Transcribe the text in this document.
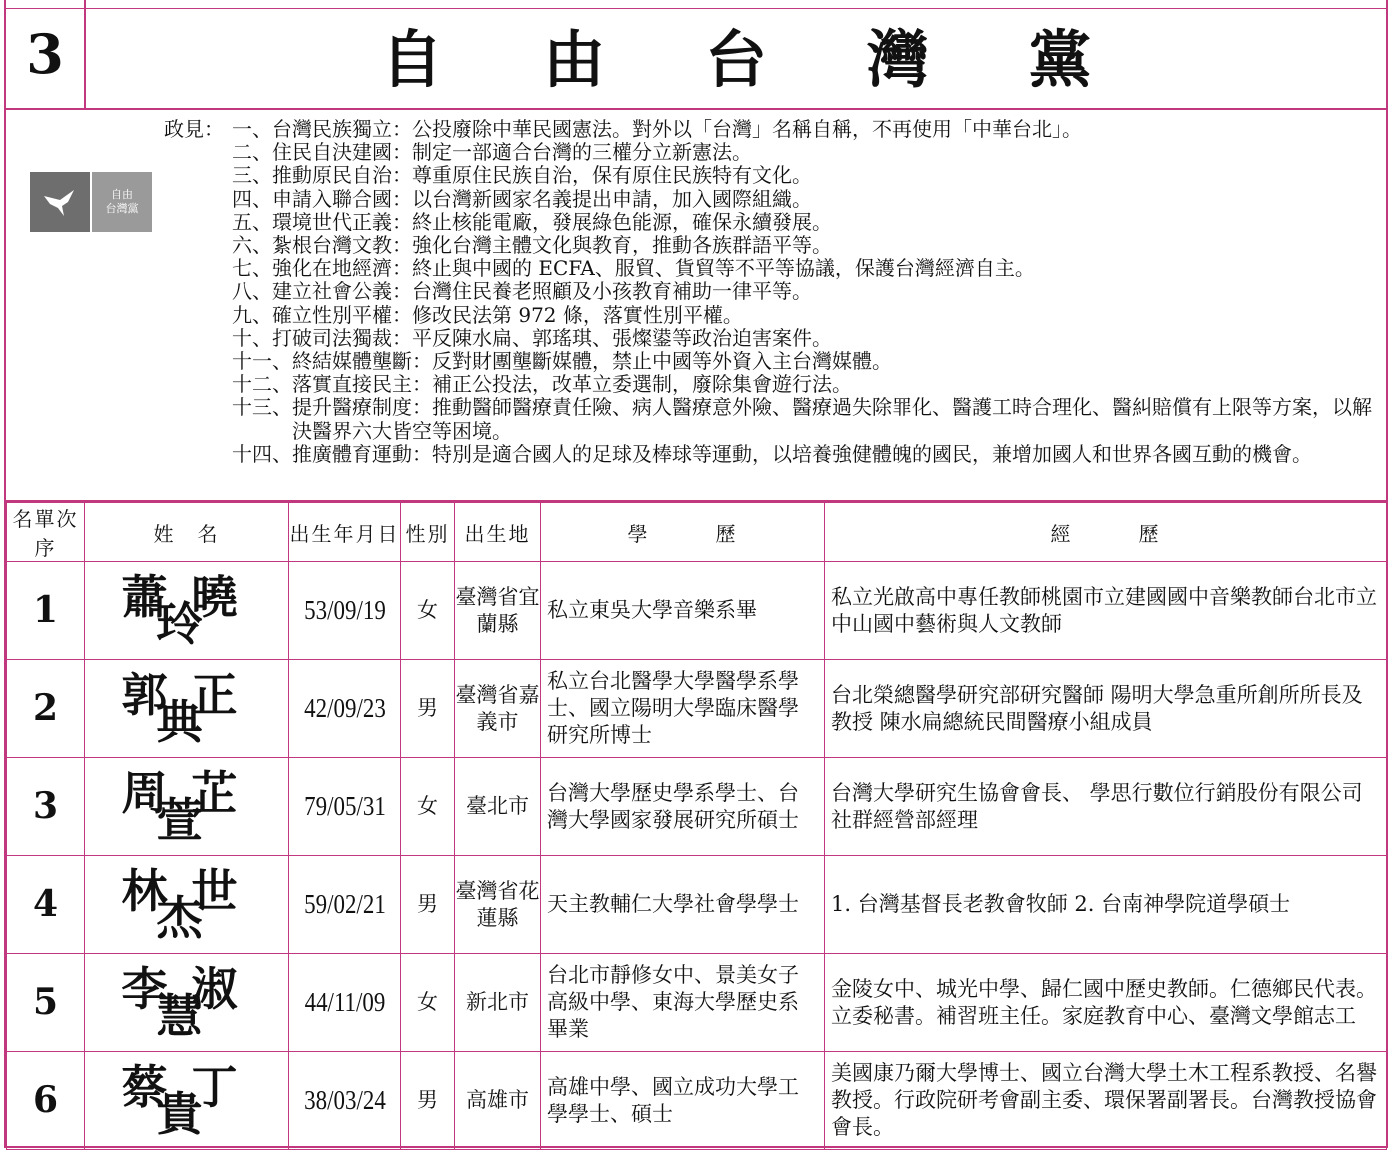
3	自由台灣黨
自由
台灣黨
政見： 一、 台灣民族獨立：公投廢除中華民國憲法。對外以「台灣」名稱自稱，不再使用「中華台北」。
二、 住民自決建國：制定一部適合台灣的三權分立新憲法。
三、 推動原民自治：尊重原住民族自治，保有原住民族特有文化。
四、 申請入聯合國：以台灣新國家名義提出申請，加入國際組織。
五、 環境世代正義：終止核能電廠，發展綠色能源，確保永續發展。
六、 紮根台灣文教：強化台灣主體文化與教育，推動各族群語平等。
七、 強化在地經濟：終止與中國的 ECFA、服貿、貨貿等不平等協議，保護台灣經濟自主。
八、 建立社會公義：台灣住民養老照顧及小孩教育補助一律平等。
九、 確立性別平權：修改民法第 972 條，落實性別平權。
十、 打破司法獨裁：平反陳水扁、郭瑤琪、張燦鍙等政治迫害案件。
十一、 終結媒體壟斷：反對財團壟斷媒體，禁止中國等外資入主台灣媒體。
十二、 落實直接民主：補正公投法，改革立委選制，廢除集會遊行法。
十三、 提升醫療制度：推動醫師醫療責任險、病人醫療意外險、醫療過失除罪化、醫護工時合理化、醫糾賠償有上限等方案，以解決醫界六大皆空等困境。
十四、 推廣體育運動：特別是適合國人的足球及棒球等運動，以培養強健體魄的國民，兼增加國人和世界各國互動的機會。
名單次序	姓　名	出生年月日	性別	出生地	學　　　歷	經　　　歷
1	蕭曉玲	53/09/19	女	臺灣省宜蘭縣	私立東吳大學音樂系畢	私立光啟高中專任教師桃園市立建國國中音樂教師台北市立中山國中藝術與人文教師
2	郭正典	42/09/23	男	臺灣省嘉義市	私立台北醫學大學醫學系學士、國立陽明大學臨床醫學研究所博士	台北榮總醫學研究部研究醫師 陽明大學急重所創所所長及教授 陳水扁總統民間醫療小組成員
3	周芷萱	79/05/31	女	臺北市	台灣大學歷史學系學士、台灣大學國家發展研究所碩士	台灣大學研究生協會會長、 學思行數位行銷股份有限公司社群經營部經理
4	林世杰	59/02/21	男	臺灣省花蓮縣	天主教輔仁大學社會學學士	1. 台灣基督長老教會牧師 2. 台南神學院道學碩士
5	李淑慧	44/11/09	女	新北市	台北市靜修女中、景美女子高級中學、東海大學歷史系畢業	金陵女中、城光中學、歸仁國中歷史教師。仁德鄉民代表。立委秘書。補習班主任。家庭教育中心、臺灣文學館志工
6	蔡丁貴	38/03/24	男	高雄市	高雄中學、國立成功大學工學學士、碩士	美國康乃爾大學博士、國立台灣大學土木工程系教授、名譽教授。行政院研考會副主委、環保署副署長。台灣教授協會會長。
